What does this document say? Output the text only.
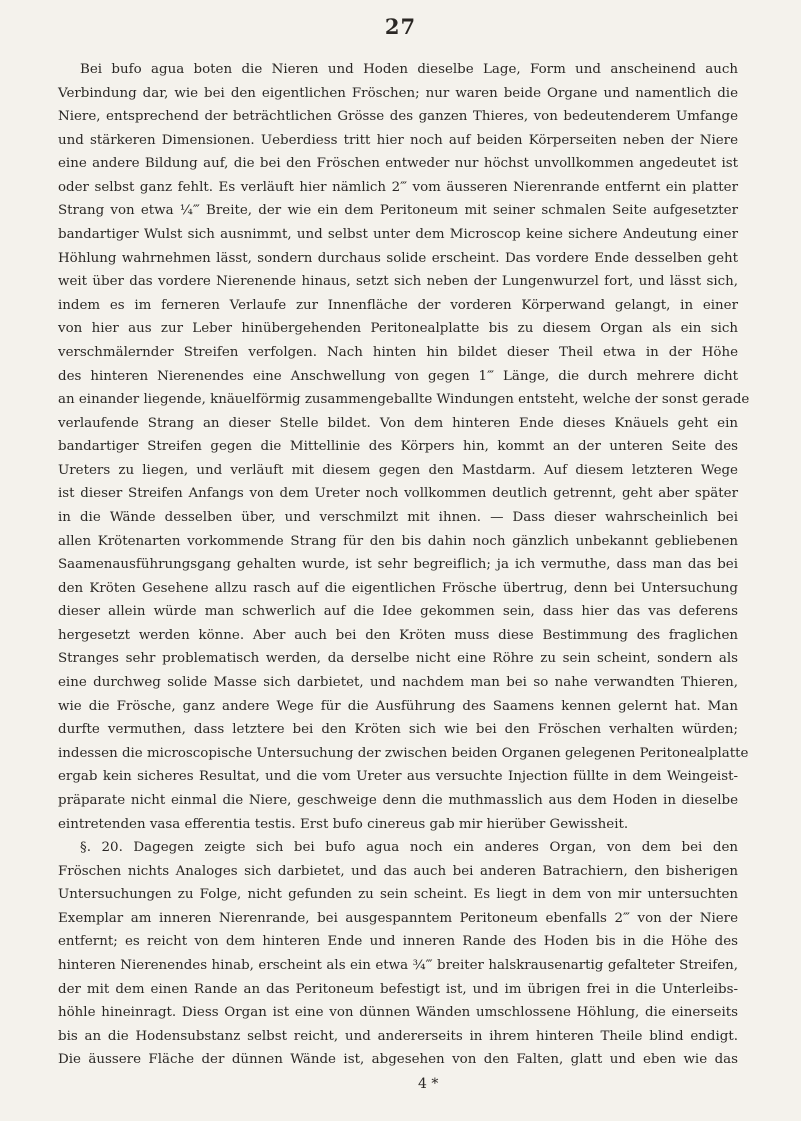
27
Bei bufo agua boten die Nieren und Hoden dieselbe Lage, Form und anscheinend auch
Verbindung dar, wie bei den eigentlichen Fröschen; nur waren beide Organe und namentlich die
Niere, entsprechend der beträchtlichen Grösse des ganzen Thieres, von bedeutenderem Umfange
und stärkeren Dimensionen. Ueberdiess tritt hier noch auf beiden Körperseiten neben der Niere
eine andere Bildung auf, die bei den Fröschen entweder nur höchst unvollkommen angedeutet ist
oder selbst ganz fehlt. Es verläuft hier nämlich 2‴ vom äusseren Nierenrande entfernt ein platter
Strang von etwa ¼‴ Breite, der wie ein dem Peritoneum mit seiner schmalen Seite aufgesetzter
bandartiger Wulst sich ausnimmt, und selbst unter dem Microscop keine sichere Andeutung einer
Höhlung wahrnehmen lässt, sondern durchaus solide erscheint. Das vordere Ende desselben geht
weit über das vordere Nierenende hinaus, setzt sich neben der Lungenwurzel fort, und lässt sich,
indem es im ferneren Verlaufe zur Innenfläche der vorderen Körperwand gelangt, in einer
von hier aus zur Leber hinübergehenden Peritonealplatte bis zu diesem Organ als ein sich
verschmälernder Streifen verfolgen. Nach hinten hin bildet dieser Theil etwa in der Höhe
des hinteren Nierenendes eine Anschwellung von gegen 1‴ Länge, die durch mehrere dicht
an einander liegende, knäuelförmig zusammengeballte Windungen entsteht, welche der sonst gerade
verlaufende Strang an dieser Stelle bildet. Von dem hinteren Ende dieses Knäuels geht ein
bandartiger Streifen gegen die Mittellinie des Körpers hin, kommt an der unteren Seite des
Ureters zu liegen, und verläuft mit diesem gegen den Mastdarm. Auf diesem letzteren Wege
ist dieser Streifen Anfangs von dem Ureter noch vollkommen deutlich getrennt, geht aber später
in die Wände desselben über, und verschmilzt mit ihnen. — Dass dieser wahrscheinlich bei
allen Krötenarten vorkommende Strang für den bis dahin noch gänzlich unbekannt gebliebenen
Saamenausführungsgang gehalten wurde, ist sehr begreiflich; ja ich vermuthe, dass man das bei
den Kröten Gesehene allzu rasch auf die eigentlichen Frösche übertrug, denn bei Untersuchung
dieser allein würde man schwerlich auf die Idee gekommen sein, dass hier das vas deferens
hergesetzt werden könne. Aber auch bei den Kröten muss diese Bestimmung des fraglichen
Stranges sehr problematisch werden, da derselbe nicht eine Röhre zu sein scheint, sondern als
eine durchweg solide Masse sich darbietet, und nachdem man bei so nahe verwandten Thieren,
wie die Frösche, ganz andere Wege für die Ausführung des Saamens kennen gelernt hat. Man
durfte vermuthen, dass letztere bei den Kröten sich wie bei den Fröschen verhalten würden;
indessen die microscopische Untersuchung der zwischen beiden Organen gelegenen Peritonealplatte
ergab kein sicheres Resultat, und die vom Ureter aus versuchte Injection füllte in dem Weingeist-
präparate nicht einmal die Niere, geschweige denn die muthmasslich aus dem Hoden in dieselbe
eintretenden vasa efferentia testis. Erst bufo cinereus gab mir hierüber Gewissheit.
§. 20. Dagegen zeigte sich bei bufo agua noch ein anderes Organ, von dem bei den
Fröschen nichts Analoges sich darbietet, und das auch bei anderen Batrachiern, den bisherigen
Untersuchungen zu Folge, nicht gefunden zu sein scheint. Es liegt in dem von mir untersuchten
Exemplar am inneren Nierenrande, bei ausgespanntem Peritoneum ebenfalls 2‴ von der Niere
entfernt; es reicht von dem hinteren Ende und inneren Rande des Hoden bis in die Höhe des
hinteren Nierenendes hinab, erscheint als ein etwa ¾‴ breiter halskrausenartig gefalteter Streifen,
der mit dem einen Rande an das Peritoneum befestigt ist, und im übrigen frei in die Unterleibs-
höhle hineinragt. Diess Organ ist eine von dünnen Wänden umschlossene Höhlung, die einerseits
bis an die Hodensubstanz selbst reicht, und andererseits in ihrem hinteren Theile blind endigt.
Die äussere Fläche der dünnen Wände ist, abgesehen von den Falten, glatt und eben wie das
4 *
